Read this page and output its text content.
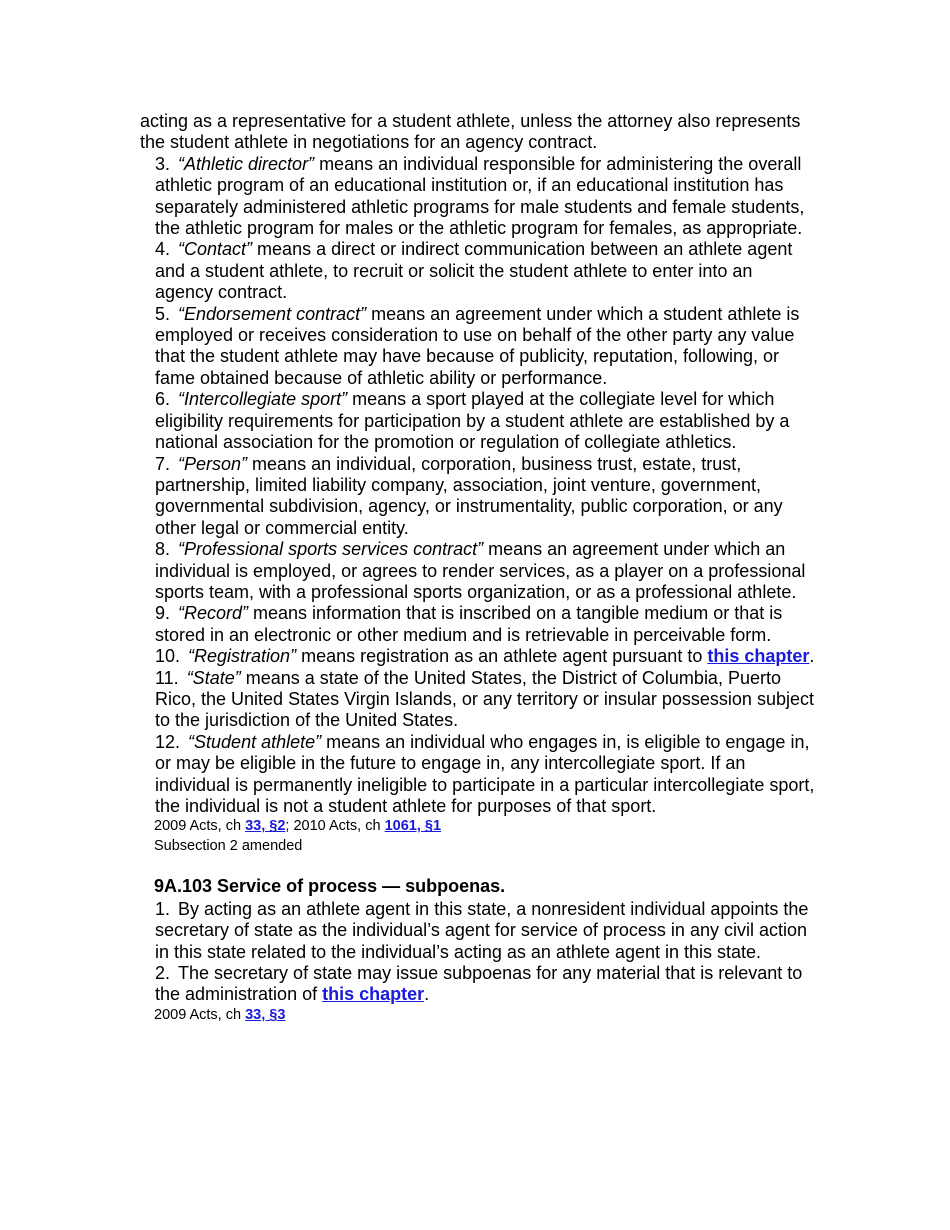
acting as a representative for a student athlete, unless the attorney also represents the student athlete in negotiations for an agency contract.

3. “Athletic director” means an individual responsible for administering the overall athletic program of an educational institution or, if an educational institution has separately administered athletic programs for male students and female students, the athletic program for males or the athletic program for females, as appropriate.

4. “Contact” means a direct or indirect communication between an athlete agent and a student athlete, to recruit or solicit the student athlete to enter into an agency contract.

5. “Endorsement contract” means an agreement under which a student athlete is employed or receives consideration to use on behalf of the other party any value that the student athlete may have because of publicity, reputation, following, or fame obtained because of athletic ability or performance.

6. “Intercollegiate sport” means a sport played at the collegiate level for which eligibility requirements for participation by a student athlete are established by a national association for the promotion or regulation of collegiate athletics.

7. “Person” means an individual, corporation, business trust, estate, trust, partnership, limited liability company, association, joint venture, government, governmental subdivision, agency, or instrumentality, public corporation, or any other legal or commercial entity.

8. “Professional sports services contract” means an agreement under which an individual is employed, or agrees to render services, as a player on a professional sports team, with a professional sports organization, or as a professional athlete.

9. “Record” means information that is inscribed on a tangible medium or that is stored in an electronic or other medium and is retrievable in perceivable form.

10. “Registration” means registration as an athlete agent pursuant to this chapter.

11. “State” means a state of the United States, the District of Columbia, Puerto Rico, the United States Virgin Islands, or any territory or insular possession subject to the jurisdiction of the United States.

12. “Student athlete” means an individual who engages in, is eligible to engage in, or may be eligible in the future to engage in, any intercollegiate sport. If an individual is permanently ineligible to participate in a particular intercollegiate sport, the individual is not a student athlete for purposes of that sport.

2009 Acts, ch 33, §2; 2010 Acts, ch 1061, §1

Subsection 2 amended

9A.103 Service of process — subpoenas.

1. By acting as an athlete agent in this state, a nonresident individual appoints the secretary of state as the individual’s agent for service of process in any civil action in this state related to the individual’s acting as an athlete agent in this state.

2. The secretary of state may issue subpoenas for any material that is relevant to the administration of this chapter.

2009 Acts, ch 33, §3
